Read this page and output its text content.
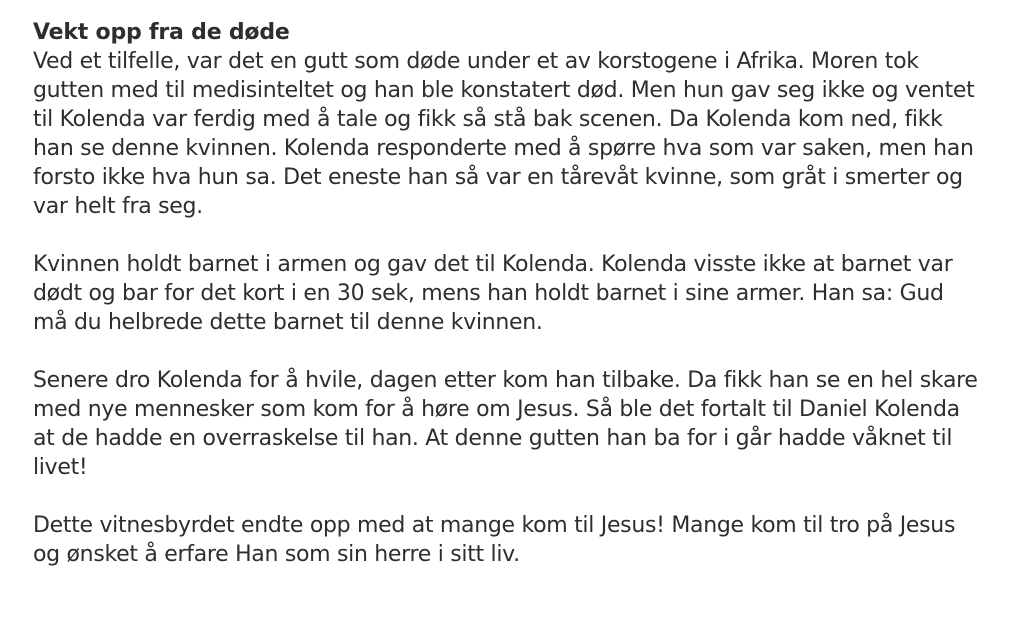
Vekt opp fra de døde

Ved et tilfelle, var det en gutt som døde under et av korstogene i Afrika. Moren tok gutten med til medisinteltet og han ble konstatert død. Men hun gav seg ikke og ventet til Kolenda var ferdig med å tale og fikk så stå bak scenen. Da Kolenda kom ned, fikk han se denne kvinnen. Kolenda responderte med å spørre hva som var saken, men han forsto ikke hva hun sa. Det eneste han så var en tårevåt kvinne, som gråt i smerter og var helt fra seg.

Kvinnen holdt barnet i armen og gav det til Kolenda. Kolenda visste ikke at barnet var dødt og bar for det kort i en 30 sek, mens han holdt barnet i sine armer. Han sa: Gud må du helbrede dette barnet til denne kvinnen.

Senere dro Kolenda for å hvile, dagen etter kom han tilbake. Da fikk han se en hel skare med nye mennesker som kom for å høre om Jesus. Så ble det fortalt til Daniel Kolenda at de hadde en overraskelse til han. At denne gutten han ba for i går hadde våknet til livet!

Dette vitnesbyrdet endte opp med at mange kom til Jesus! Mange kom til tro på Jesus og ønsket å erfare Han som sin herre i sitt liv.
